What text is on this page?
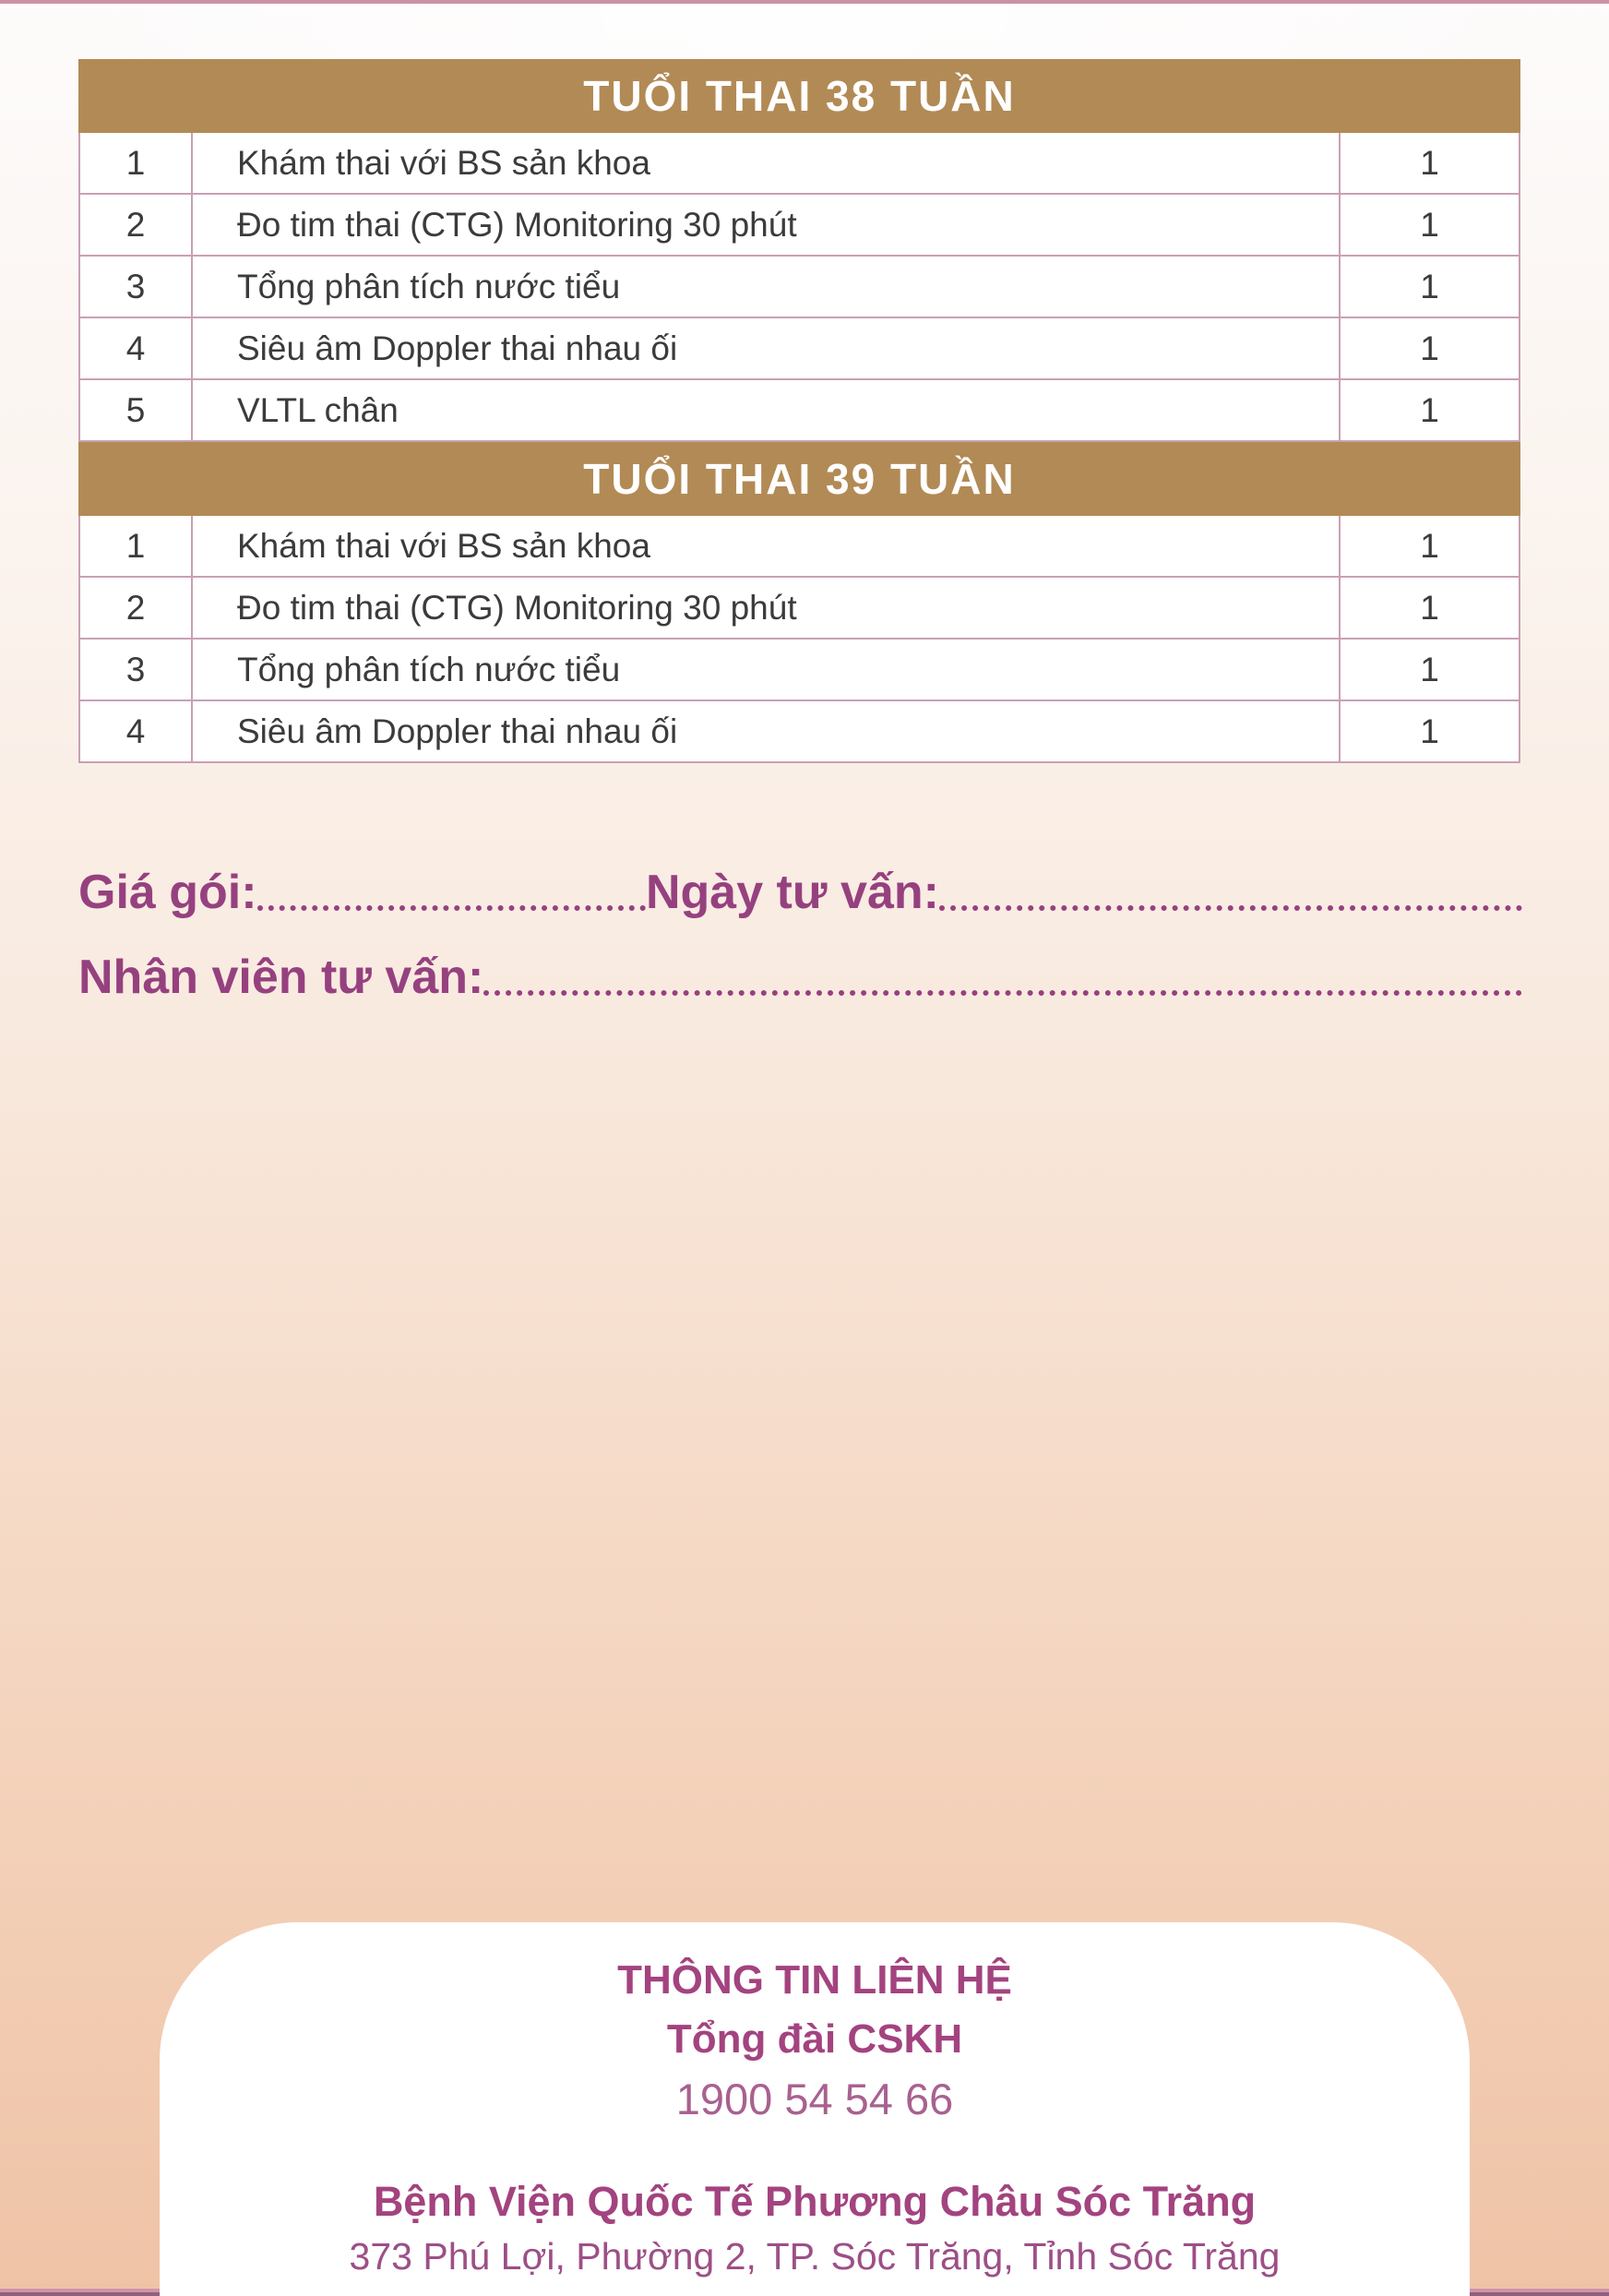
TUỔI THAI 38 TUẦN
1	Khám thai với BS sản khoa	1
2	Đo tim thai (CTG) Monitoring 30 phút	1
3	Tổng phân tích nước tiểu	1
4	Siêu âm Doppler thai nhau ối	1
5	VLTL chân	1
TUỔI THAI 39 TUẦN
1	Khám thai với BS sản khoa	1
2	Đo tim thai (CTG) Monitoring 30 phút	1
3	Tổng phân tích nước tiểu	1
4	Siêu âm Doppler thai nhau ối	1
Giá gói:	Ngày tư vấn:
Nhân viên tư vấn:
THÔNG TIN LIÊN HỆ
Tổng đài CSKH
1900 54 54 66
Bệnh Viện Quốc Tế Phương Châu Sóc Trăng
373 Phú Lợi, Phường 2, TP. Sóc Trăng, Tỉnh Sóc Trăng
